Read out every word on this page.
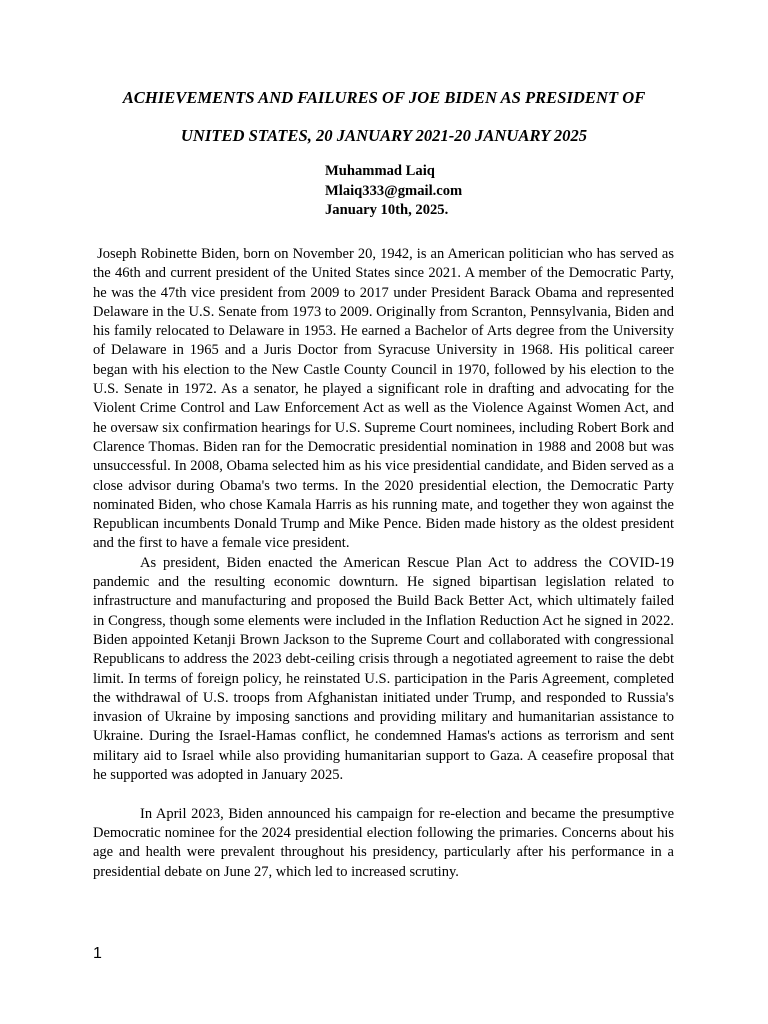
ACHIEVEMENTS AND FAILURES OF JOE BIDEN AS PRESIDENT OF
UNITED STATES, 20 JANUARY 2021-20 JANUARY 2025
Muhammad Laiq
Mlaiq333@gmail.com
January 10th, 2025.

Joseph Robinette Biden, born on November 20, 1942, is an American politician who has served as the 46th and current president of the United States since 2021. A member of the Democratic Party, he was the 47th vice president from 2009 to 2017 under President Barack Obama and represented Delaware in the U.S. Senate from 1973 to 2009. Originally from Scranton, Pennsylvania, Biden and his family relocated to Delaware in 1953. He earned a Bachelor of Arts degree from the University of Delaware in 1965 and a Juris Doctor from Syracuse University in 1968. His political career began with his election to the New Castle County Council in 1970, followed by his election to the U.S. Senate in 1972. As a senator, he played a significant role in drafting and advocating for the Violent Crime Control and Law Enforcement Act as well as the Violence Against Women Act, and he oversaw six confirmation hearings for U.S. Supreme Court nominees, including Robert Bork and Clarence Thomas. Biden ran for the Democratic presidential nomination in 1988 and 2008 but was unsuccessful. In 2008, Obama selected him as his vice presidential candidate, and Biden served as a close advisor during Obama's two terms. In the 2020 presidential election, the Democratic Party nominated Biden, who chose Kamala Harris as his running mate, and together they won against the Republican incumbents Donald Trump and Mike Pence. Biden made history as the oldest president and the first to have a female vice president.

As president, Biden enacted the American Rescue Plan Act to address the COVID-19 pandemic and the resulting economic downturn. He signed bipartisan legislation related to infrastructure and manufacturing and proposed the Build Back Better Act, which ultimately failed in Congress, though some elements were included in the Inflation Reduction Act he signed in 2022. Biden appointed Ketanji Brown Jackson to the Supreme Court and collaborated with congressional Republicans to address the 2023 debt-ceiling crisis through a negotiated agreement to raise the debt limit. In terms of foreign policy, he reinstated U.S. participation in the Paris Agreement, completed the withdrawal of U.S. troops from Afghanistan initiated under Trump, and responded to Russia's invasion of Ukraine by imposing sanctions and providing military and humanitarian assistance to Ukraine. During the Israel-Hamas conflict, he condemned Hamas's actions as terrorism and sent military aid to Israel while also providing humanitarian support to Gaza. A ceasefire proposal that he supported was adopted in January 2025.

In April 2023, Biden announced his campaign for re-election and became the presumptive Democratic nominee for the 2024 presidential election following the primaries. Concerns about his age and health were prevalent throughout his presidency, particularly after his performance in a presidential debate on June 27, which led to increased scrutiny.

1
